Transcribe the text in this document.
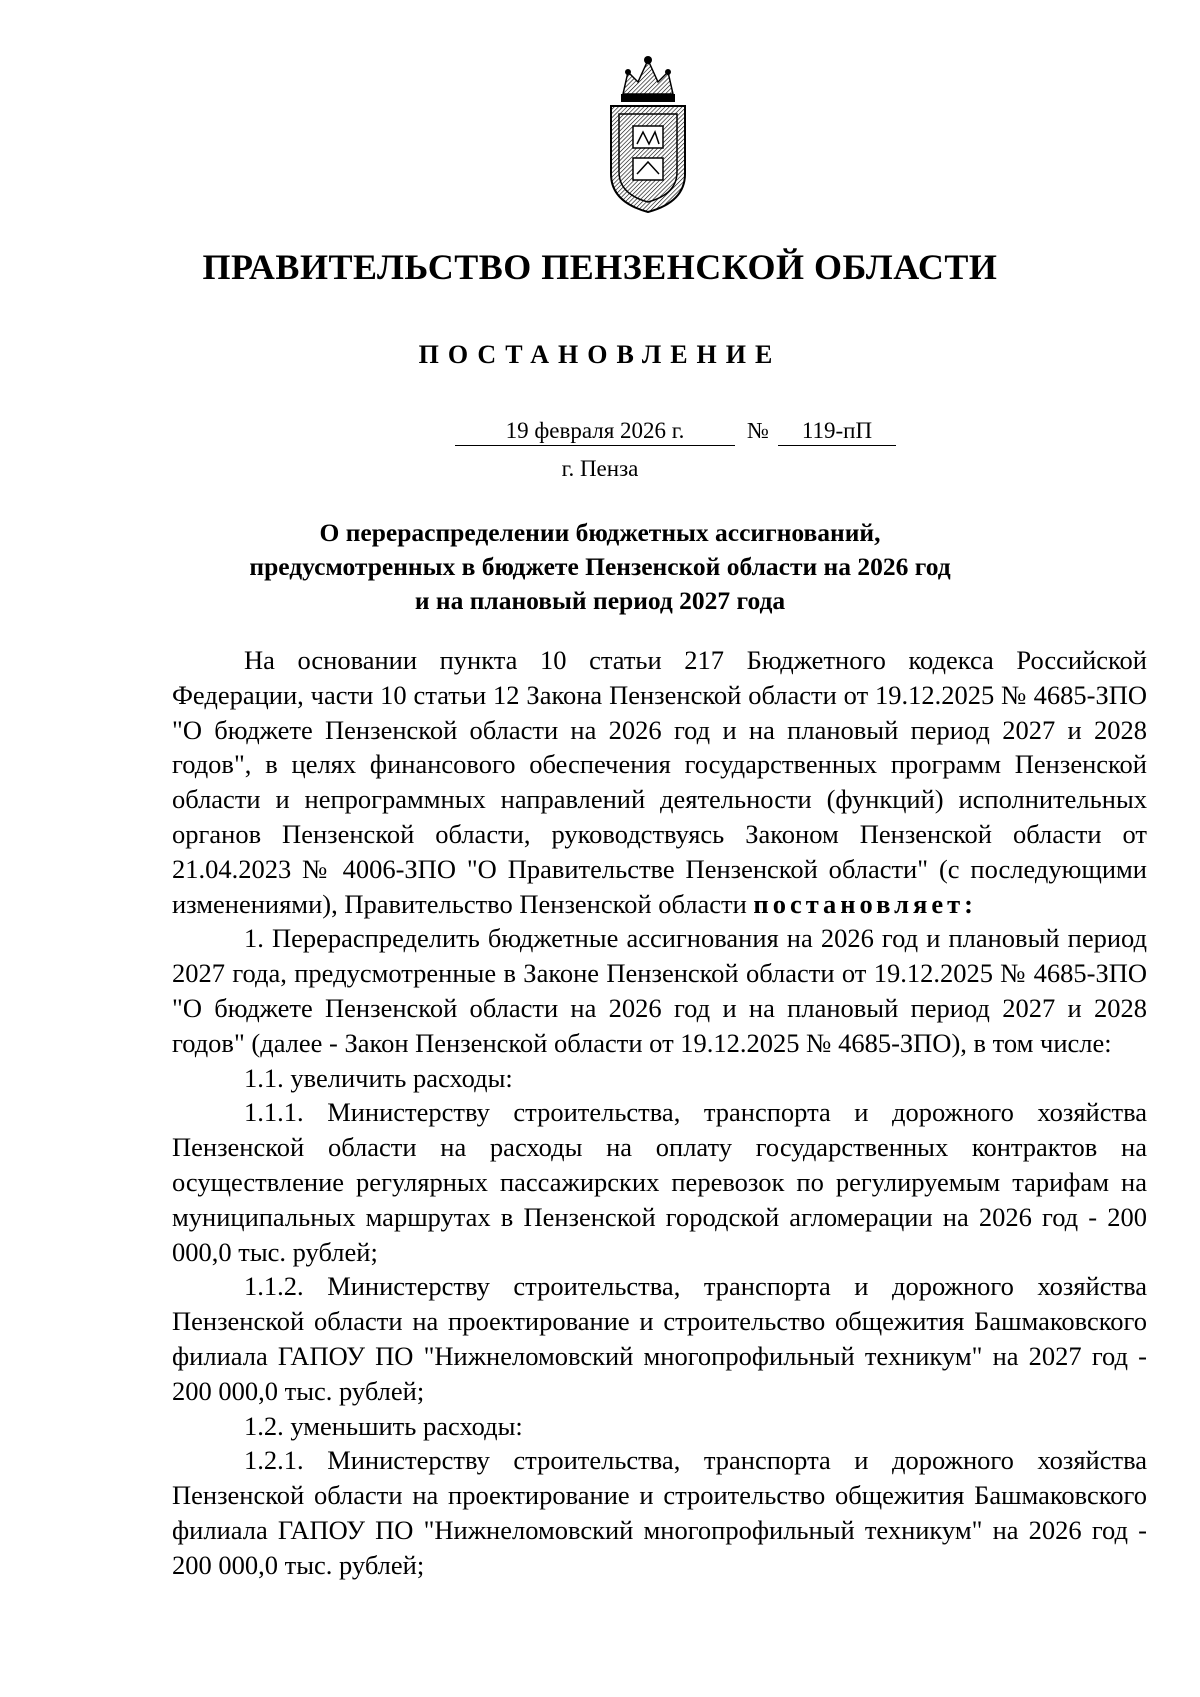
ПРАВИТЕЛЬСТВО ПЕНЗЕНСКОЙ ОБЛАСТИ
ПОСТАНОВЛЕНИЕ
19 февраля 2026 г.	№	119-пП
г. Пенза
О перераспределении бюджетных ассигнований,
предусмотренных в бюджете Пензенской области на 2026 год
и на плановый период 2027 года

На основании пункта 10 статьи 217 Бюджетного кодекса Российской Федерации, части 10 статьи 12 Закона Пензенской области от 19.12.2025 № 4685-ЗПО "О бюджете Пензенской области на 2026 год и на плановый период 2027 и 2028 годов", в целях финансового обеспечения государственных программ Пензенской области и непрограммных направлений деятельности (функций) исполнительных органов Пензенской области, руководствуясь Законом Пензенской области от 21.04.2023 № 4006-ЗПО "О Правительстве Пензенской области" (с последующими изменениями), Правительство Пензенской области постановляет:

1. Перераспределить бюджетные ассигнования на 2026 год и плановый период 2027 года, предусмотренные в Законе Пензенской области от 19.12.2025 № 4685-ЗПО "О бюджете Пензенской области на 2026 год и на плановый период 2027 и 2028 годов" (далее - Закон Пензенской области от 19.12.2025 № 4685-ЗПО), в том числе:

1.1. увеличить расходы:

1.1.1. Министерству строительства, транспорта и дорожного хозяйства Пензенской области на расходы на оплату государственных контрактов на осуществление регулярных пассажирских перевозок по регулируемым тарифам на муниципальных маршрутах в Пензенской городской агломерации на 2026 год - 200 000,0 тыс. рублей;

1.1.2. Министерству строительства, транспорта и дорожного хозяйства Пензенской области на проектирование и строительство общежития Башмаковского филиала ГАПОУ ПО "Нижнеломовский многопрофильный техникум" на 2027 год - 200 000,0 тыс. рублей;

1.2. уменьшить расходы:

1.2.1. Министерству строительства, транспорта и дорожного хозяйства Пензенской области на проектирование и строительство общежития Башмаковского филиала ГАПОУ ПО "Нижнеломовский многопрофильный техникум" на 2026 год - 200 000,0 тыс. рублей;
